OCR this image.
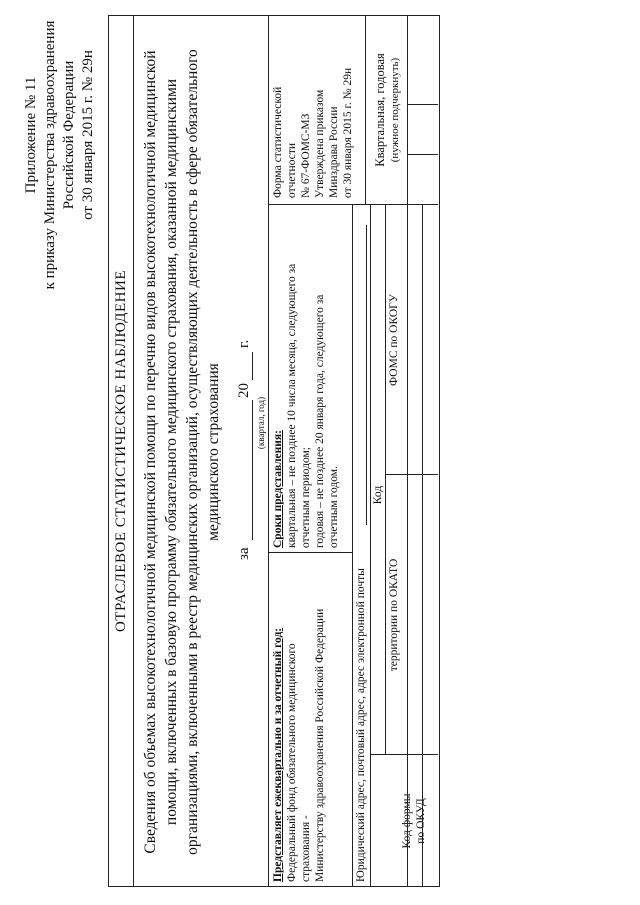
Приложение № 11 к приказу Министерства здравоохранения Российской Федерации от 30 января 2015 г. № 29н
ОТРАСЛЕВОЕ СТАТИСТИЧЕСКОЕ НАБЛЮДЕНИЕ Сведения об объемах высокотехнологичной медицинской помощи по перечню видов высокотехнологичной медицинской помощи, включенных в базовую программу обязательного медицинского страхования, оказанной медицинскими организациями, включенными в реестр медицинских организаций, осуществляющих деятельность в сфере обязательного медицинского страхования
за
20
г.
(квартал, год)
Представляет ежеквартально и за отчетный год: Федеральный фонд обязательного медицинского страхования - Министерству здравоохранения Российской Федерации
Сроки представления: квартальная – не позднее 10 числа месяца, следующего за отчетным периодом; годовая – не позднее 20 января года, следующего за отчетным годом.
Форма статистической отчетности № 67-ФОМС-МЗ Утверждена приказом Минздрава России от 30 января 2015 г. № 29н
Юридический адрес, почтовый адрес, адрес электронной почты
Квартальная, годовая (нужное подчеркнуть)
Код формы по ОКУД
Код
территории по ОКАТО
ФОМС по ОКОГУ
